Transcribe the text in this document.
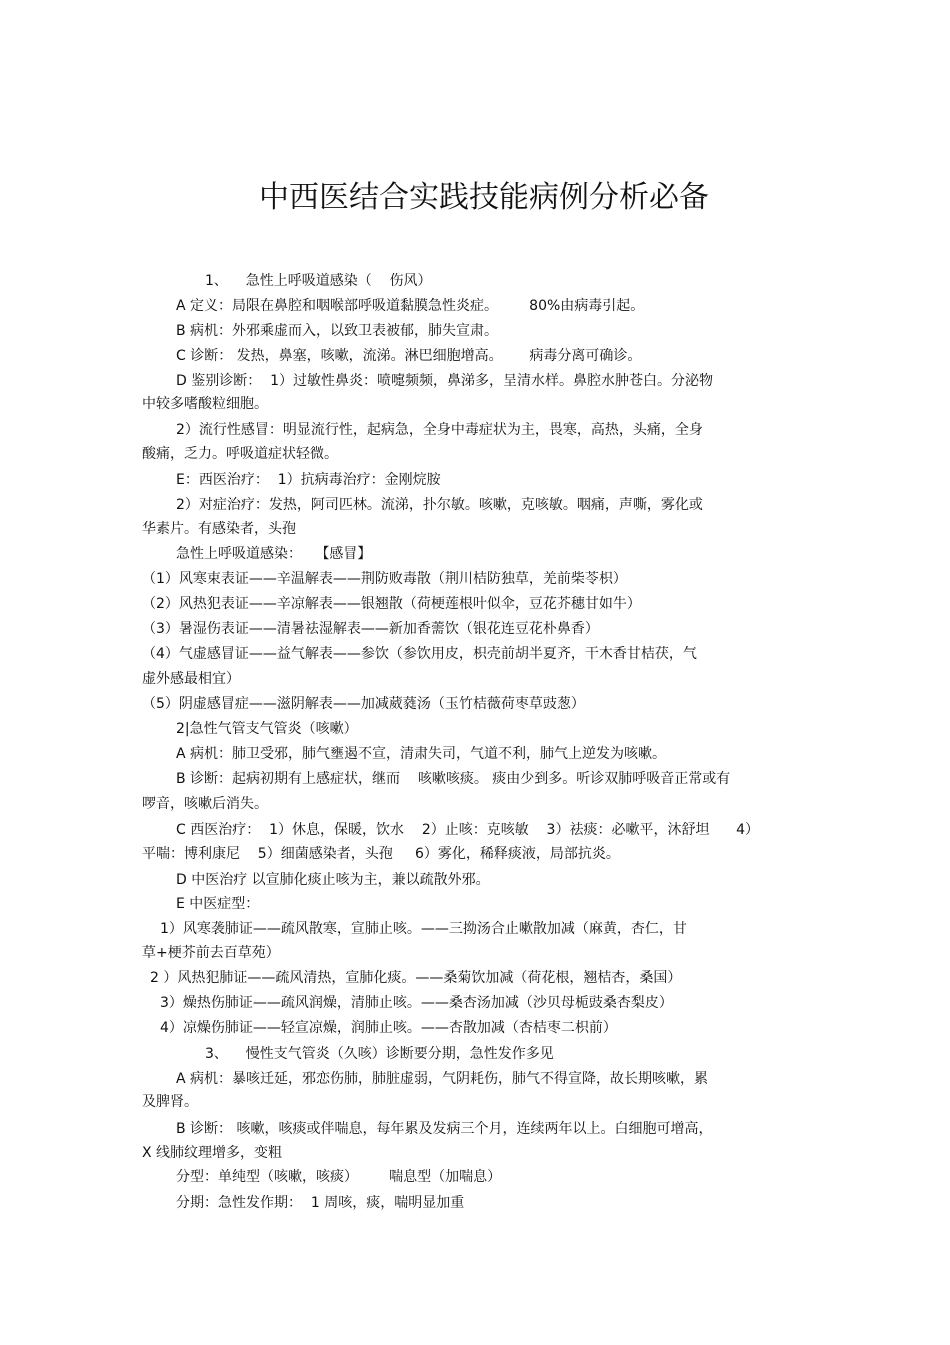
中西医结合实践技能病例分析必备
1、    急性上呼吸道感染（    伤风）
A 定义：局限在鼻腔和咽喉部呼吸道黏膜急性炎症。       80%由病毒引起。
B 病机：外邪乘虚而入，以致卫表被郁，肺失宣肃。
C 诊断： 发热，鼻塞，咳嗽，流涕。淋巴细胞增高。      病毒分离可确诊。
D 鉴别诊断：  1）过敏性鼻炎：喷嚏频频，鼻涕多，呈清水样。鼻腔水肿苍白。分泌物
中较多嗜酸粒细胞。
2）流行性感冒：明显流行性，起病急，全身中毒症状为主，畏寒，高热，头痛，全身
酸痛，乏力。呼吸道症状轻微。
E：西医治疗：  1）抗病毒治疗：金刚烷胺
2）对症治疗：发热，阿司匹林。流涕，扑尔敏。咳嗽，克咳敏。咽痛，声嘶，雾化或
华素片。有感染者，头孢
急性上呼吸道感染：   【感冒】
（1）风寒束表证——辛温解表——荆防败毒散（荆川桔防独草，羌前柴苓枳）
（2）风热犯表证——辛凉解表——银翘散（荷梗莲根叶似伞，豆花芥穗甘如牛）
（3）暑湿伤表证——清暑祛湿解表——新加香薷饮（银花连豆花朴鼻香）
（4）气虚感冒证——益气解表——参饮（参饮用皮，枳壳前胡半夏齐，干木香甘桔茯，气
虚外感最相宜）
（5）阴虚感冒症——滋阴解表——加减葳蕤汤（玉竹桔薇荷枣草豉葱）
2|急性气管支气管炎（咳嗽）
A 病机：肺卫受邪，肺气壅遏不宣，清肃失司，气道不利，肺气上逆发为咳嗽。
B 诊断：起病初期有上感症状，继而    咳嗽咳痰。 痰由少到多。听诊双肺呼吸音正常或有
啰音，咳嗽后消失。
C 西医治疗：  1）休息，保暖，饮水    2）止咳：克咳敏    3）祛痰：必嗽平，沐舒坦      4）
平喘：博利康尼    5）细菌感染者，头孢     6）雾化，稀释痰液，局部抗炎。
D 中医治疗 以宣肺化痰止咳为主，兼以疏散外邪。
E 中医症型：
1）风寒袭肺证——疏风散寒，宣肺止咳。——三拗汤合止嗽散加减（麻黄，杏仁，甘
草+梗芥前去百草苑）
2 ）风热犯肺证——疏风清热，宣肺化痰。——桑菊饮加减（荷花根，翘桔杏，桑国）
3）燥热伤肺证——疏风润燥，清肺止咳。——桑杏汤加减（沙贝母栀豉桑杏梨皮）
4）凉燥伤肺证——轻宣凉燥，润肺止咳。——杏散加减（杏桔枣二枳前）
3、    慢性支气管炎（久咳）诊断要分期，急性发作多见
A 病机：暴咳迁延，邪恋伤肺，肺脏虚弱，气阴耗伤，肺气不得宣降，故长期咳嗽，累
及脾肾。
B 诊断： 咳嗽，咳痰或伴喘息，每年累及发病三个月，连续两年以上。白细胞可增高，
X 线肺纹理增多，变粗
分型：单纯型（咳嗽，咳痰）       喘息型（加喘息）
分期：急性发作期：  1 周咳，痰，喘明显加重
